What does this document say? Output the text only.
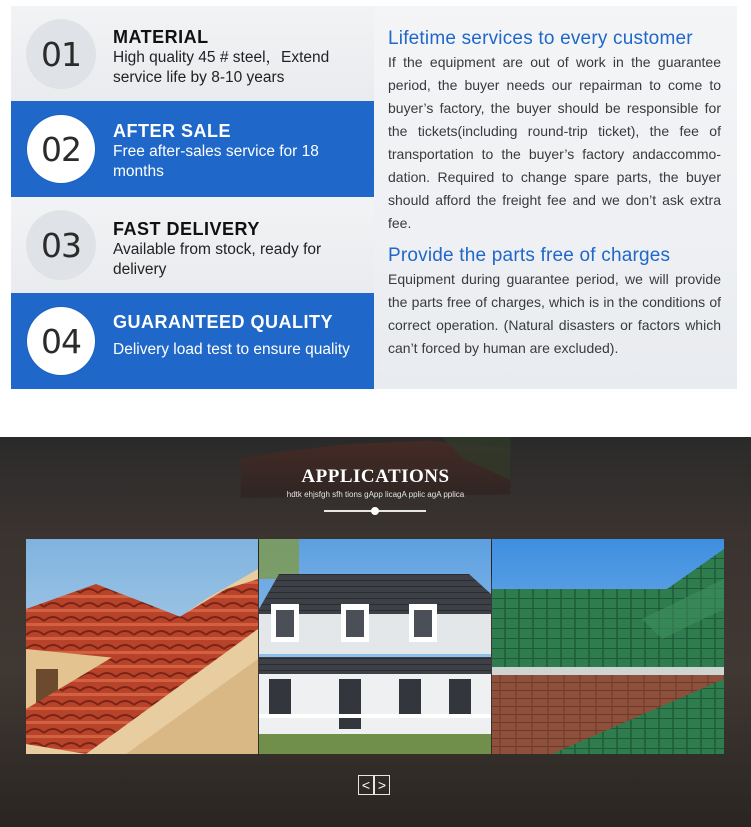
01	MATERIAL
High quality 45 # steel，Extend service life by 8-10 years
02	AFTER SALE
Free after-sales service for 18 months
03	FAST DELIVERY
Available from stock, ready for delivery
04	GUARANTEED QUALITY
Delivery load test to ensure quality
Lifetime services to every customer
If the equipment are out of work in the guarantee period, the buyer needs our repairman to come to buyer’s factory, the buyer should be responsible for the tickets(including round-trip ticket), the fee of transportation to the buyer’s factory andaccommo-dation. Required to change spare parts, the buyer should afford the freight fee and we don’t ask extra fee.
Provide the parts free of charges
Equipment during guarantee period, we will provide the parts free of charges, which is in the conditions of correct operation. (Natural disasters or factors which can’t forced by human are excluded).
APPLICATIONS
hdtk ehjsfgh sfh tions gApp licagA pplic agA pplica
< >
